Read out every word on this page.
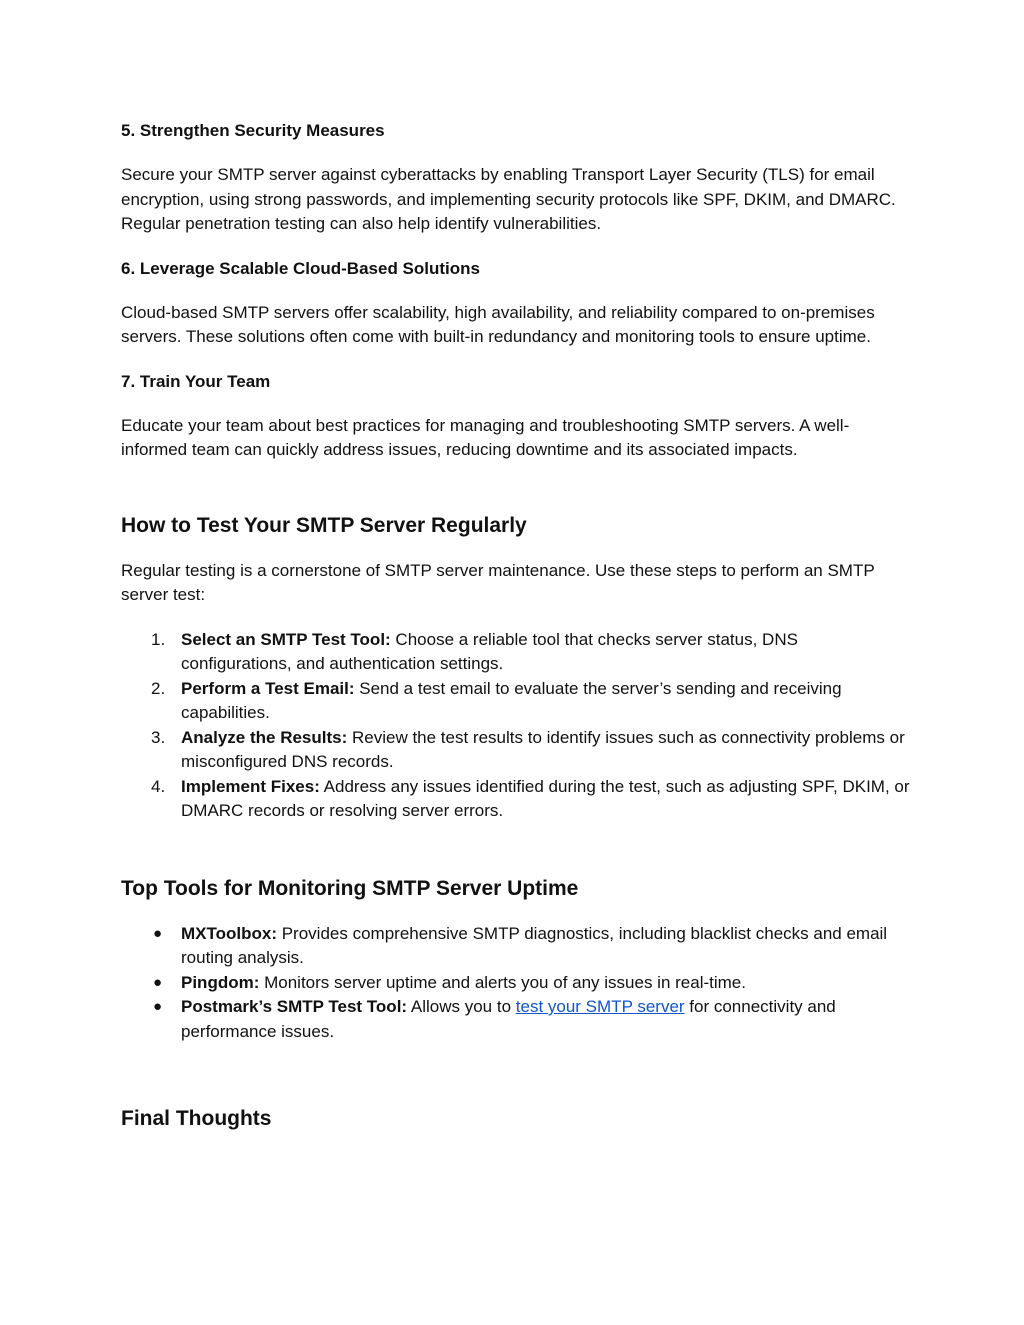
5. Strengthen Security Measures
Secure your SMTP server against cyberattacks by enabling Transport Layer Security (TLS) for email encryption, using strong passwords, and implementing security protocols like SPF, DKIM, and DMARC. Regular penetration testing can also help identify vulnerabilities.
6. Leverage Scalable Cloud-Based Solutions
Cloud-based SMTP servers offer scalability, high availability, and reliability compared to on-premises servers. These solutions often come with built-in redundancy and monitoring tools to ensure uptime.
7. Train Your Team
Educate your team about best practices for managing and troubleshooting SMTP servers. A well-informed team can quickly address issues, reducing downtime and its associated impacts.
How to Test Your SMTP Server Regularly
Regular testing is a cornerstone of SMTP server maintenance. Use these steps to perform an SMTP server test:
1. Select an SMTP Test Tool: Choose a reliable tool that checks server status, DNS configurations, and authentication settings.
2. Perform a Test Email: Send a test email to evaluate the server’s sending and receiving capabilities.
3. Analyze the Results: Review the test results to identify issues such as connectivity problems or misconfigured DNS records.
4. Implement Fixes: Address any issues identified during the test, such as adjusting SPF, DKIM, or DMARC records or resolving server errors.
Top Tools for Monitoring SMTP Server Uptime
● MXToolbox: Provides comprehensive SMTP diagnostics, including blacklist checks and email routing analysis.
● Pingdom: Monitors server uptime and alerts you of any issues in real-time.
● Postmark’s SMTP Test Tool: Allows you to test your SMTP server for connectivity and performance issues.
Final Thoughts
